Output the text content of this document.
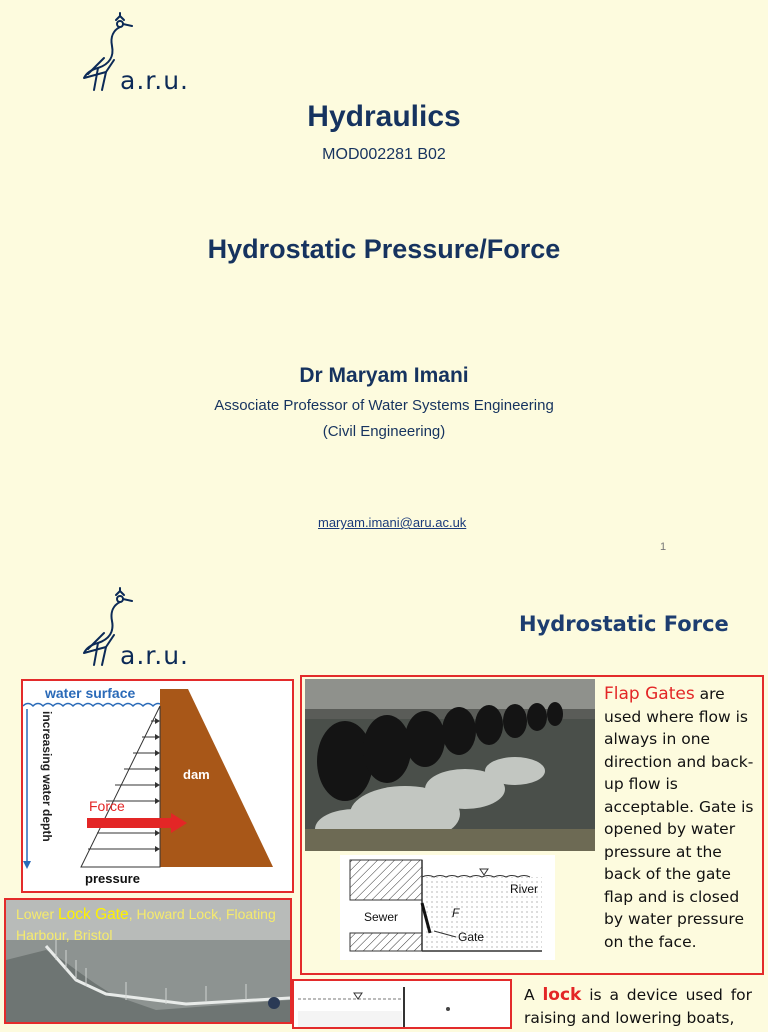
a.r.u.
Hydraulics
MOD002281 B02
Hydrostatic Pressure/Force
Dr Maryam Imani
Associate Professor of Water Systems Engineering
(Civil Engineering)
maryam.imani@aru.ac.uk
1
a.r.u.
Hydrostatic Force
water surface
increasing water depth	Force
dam
pressure
River
Sewer	F
Gate
Flap Gates are used where flow is always in one direction and back-up flow is acceptable. Gate is opened by water pressure at the back of the gate flap and is closed by water pressure on the face.
Lower Lock Gate, Howard Lock, Floating Harbour, Bristol
A lock is a device used for raising and lowering boats,
